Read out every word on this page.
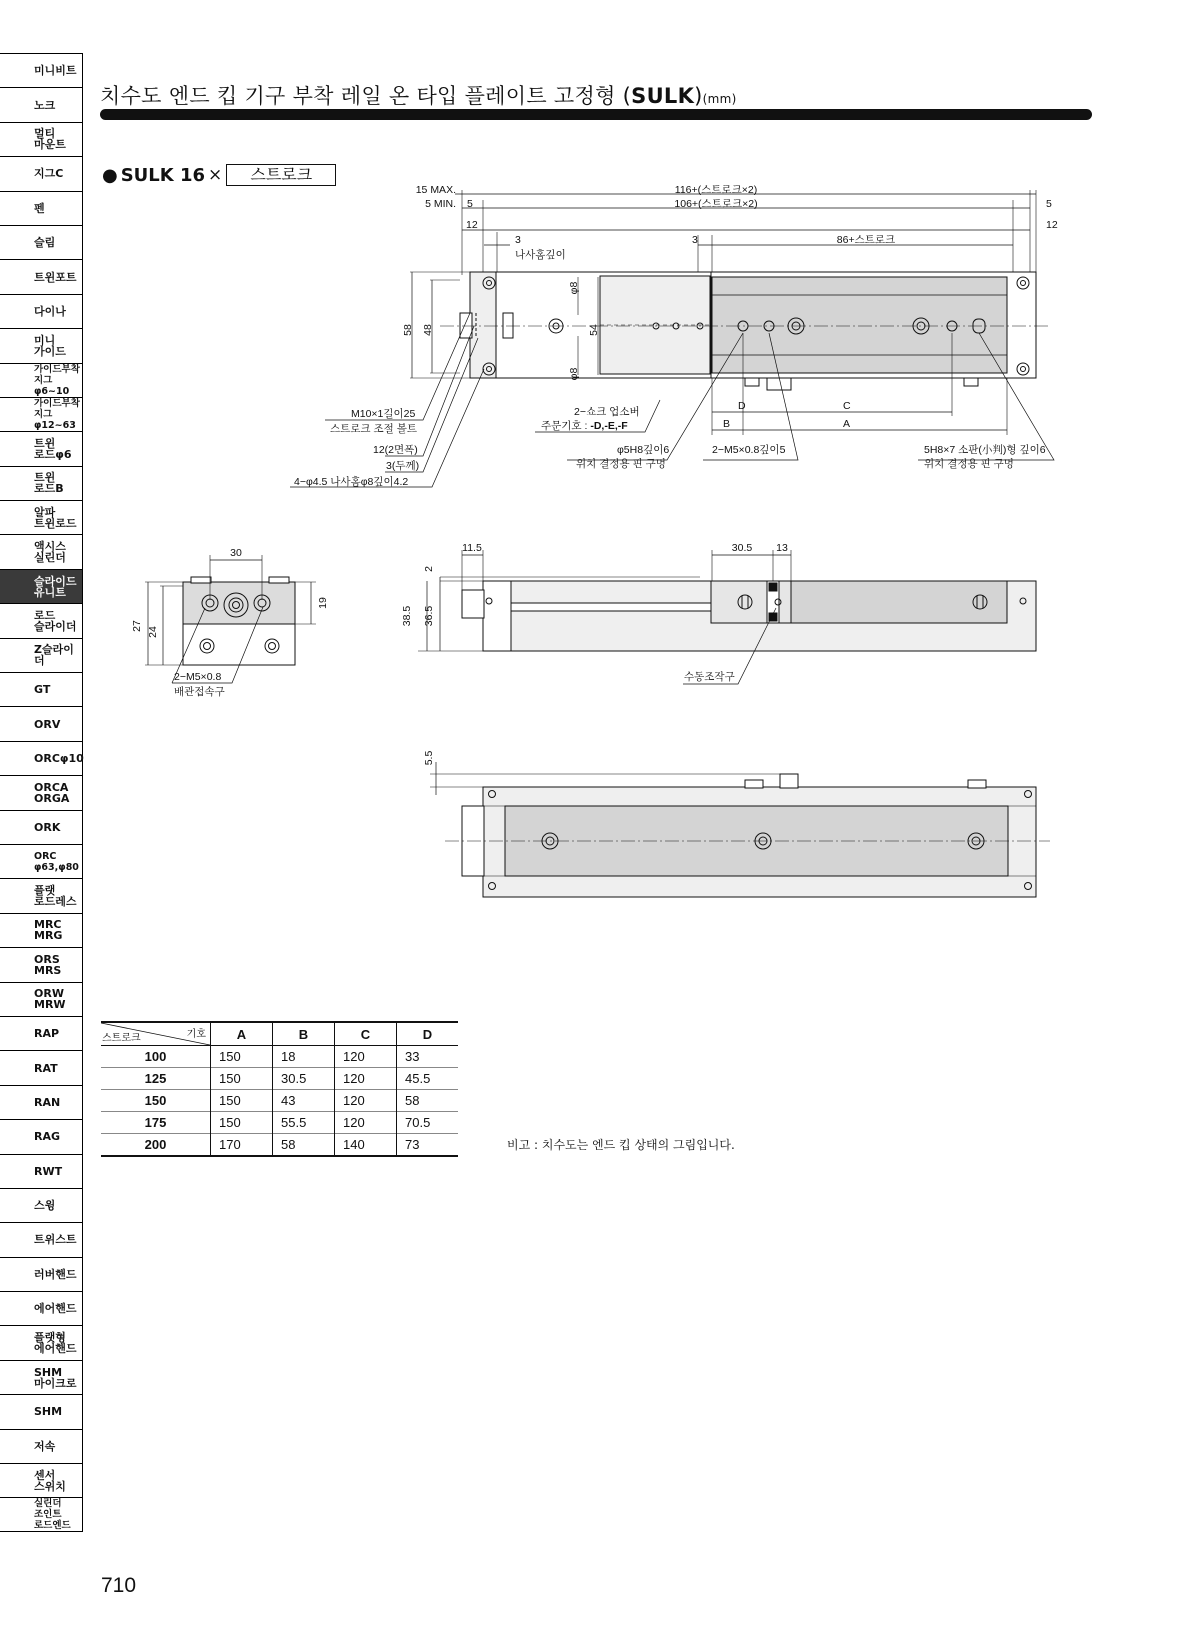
미니비트
노크
멀티
마운트
지그C
펜
슬림
트윈포트
다이나
미니
가이드
가이드부착지그
φ6~10
가이드부착지그
φ12~63
트윈
로드φ6
트윈
로드B
알파
트윈로드
액시스
실린더
슬라이드
유니트
로드
슬라이더
Z슬라이더
GT
ORV
ORCφ10
ORCA
ORGA
ORK
ORC
φ63,φ80
플랫
로드레스
MRC
MRG
ORS
MRS
ORW
MRW
RAP
RAT
RAN
RAG
RWT
스윙
트위스트
러버핸드
에어핸드
플랫형
에어핸드
SHM
마이크로
SHM
저속
센서
스위치
실린더
조인트
로드엔드
치수도 엔드 킵 기구 부착 레일 온 타입 플레이트 고정형 (SULK)(mm)
● SULK 16 ×	스트로크
15 MAX.
5 MIN.
116+(스트로크×2)
106+(스트로크×2)
5	5
12	12
3
나사홈깊이
3	86+스트로크
58 48	54
φ8
φ8
D	C
B	A
M10×1길이25
스트로크 조절 볼트
12(2면폭)
3(두께)
4−φ4.5 나사홈φ8깊이4.2
2−쇼크 업소버
주문기호 : -D,-E,-F
φ5H8깊이6
위치 결정용 핀 구멍
2−M5×0.8깊이5	5H8×7 소판(小判)형 깊이6
위치 결정용 핀 구멍
30
19
27
24
2−M5×0.8
배관접속구
11.5	30.5 13
2
38.5 36.5
수동조작구
5.5
기호
스트로크	A	B	C	D
100	150	18	120	33
125	150	30.5	120	45.5
150	150	43	120	58
175	150	55.5	120	70.5
200	170	58	140	73	비고 : 치수도는 엔드 킵 상태의 그림입니다.
710
